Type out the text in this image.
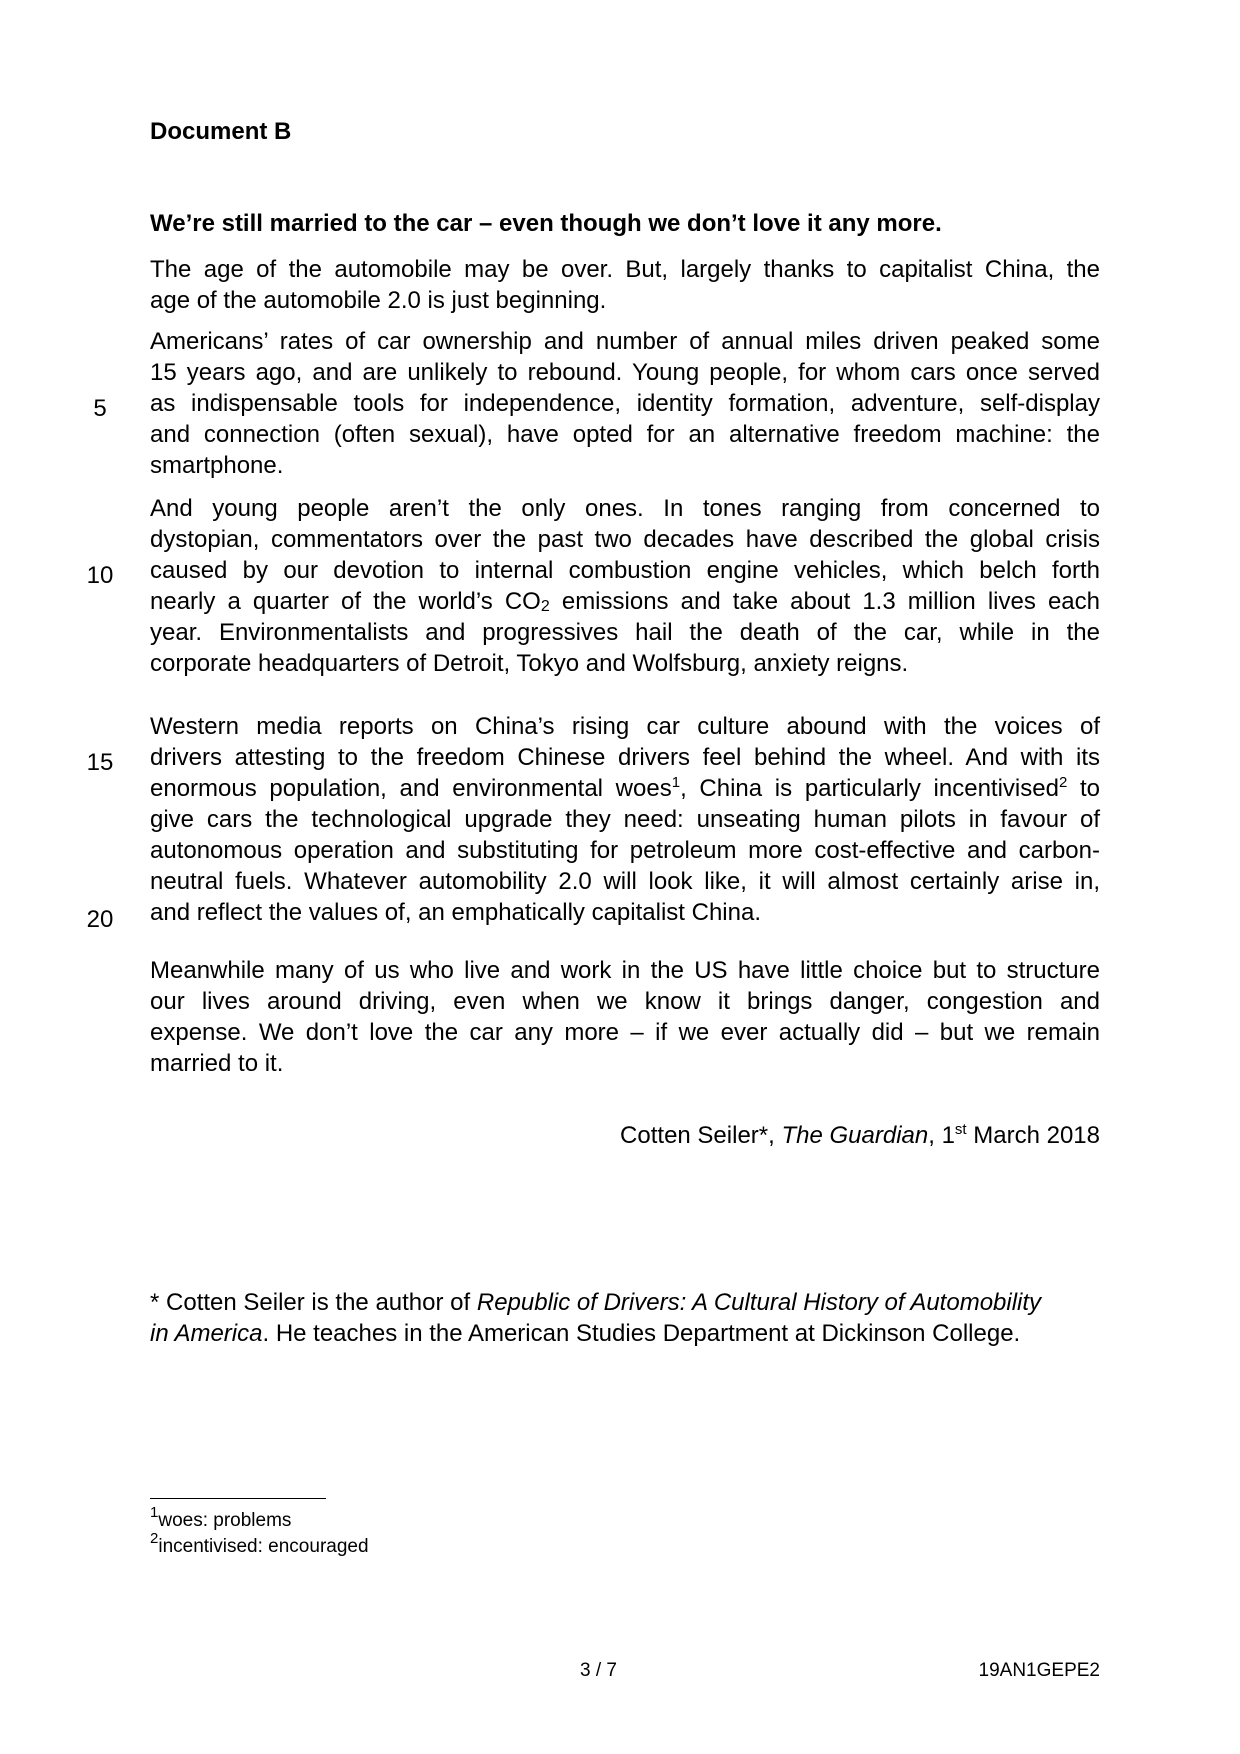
Document B
We’re still married to the car – even though we don’t love it any more.
The age of the automobile may be over. But, largely thanks to capitalist China, the
age of the automobile 2.0 is just beginning.
Americans’ rates of car ownership and number of annual miles driven peaked some
15 years ago, and are unlikely to rebound. Young people, for whom cars once served
as indispensable tools for independence, identity formation, adventure, self-display
and connection (often sexual), have opted for an alternative freedom machine: the
smartphone.
And young people aren’t the only ones. In tones ranging from concerned to
dystopian, commentators over the past two decades have described the global crisis
caused by our devotion to internal combustion engine vehicles, which belch forth
nearly a quarter of the world’s $CO_2$ emissions and take about 1.3 million lives each
year. Environmentalists and progressives hail the death of the car, while in the
corporate headquarters of Detroit, Tokyo and Wolfsburg, anxiety reigns.
Western media reports on China’s rising car culture abound with the voices of
drivers attesting to the freedom Chinese drivers feel behind the wheel. And with its
enormous population, and environmental woes$^1$, China is particularly incentivised$^2$ to
give cars the technological upgrade they need: unseating human pilots in favour of
autonomous operation and substituting for petroleum more cost-effective and carbon-
neutral fuels. Whatever automobility 2.0 will look like, it will almost certainly arise in,
and reflect the values of, an emphatically capitalist China.
Meanwhile many of us who live and work in the US have little choice but to structure
our lives around driving, even when we know it brings danger, congestion and
expense. We don’t love the car any more – if we ever actually did – but we remain
married to it.
5
10
15
20
Cotten Seiler*, The Guardian, 1st March 2018
* Cotten Seiler is the author of Republic of Drivers: A Cultural History of Automobility
in America. He teaches in the American Studies Department at Dickinson College.
$^1$woes: problems
$^2$incentivised: encouraged
3 / 7	19AN1GEPE2
